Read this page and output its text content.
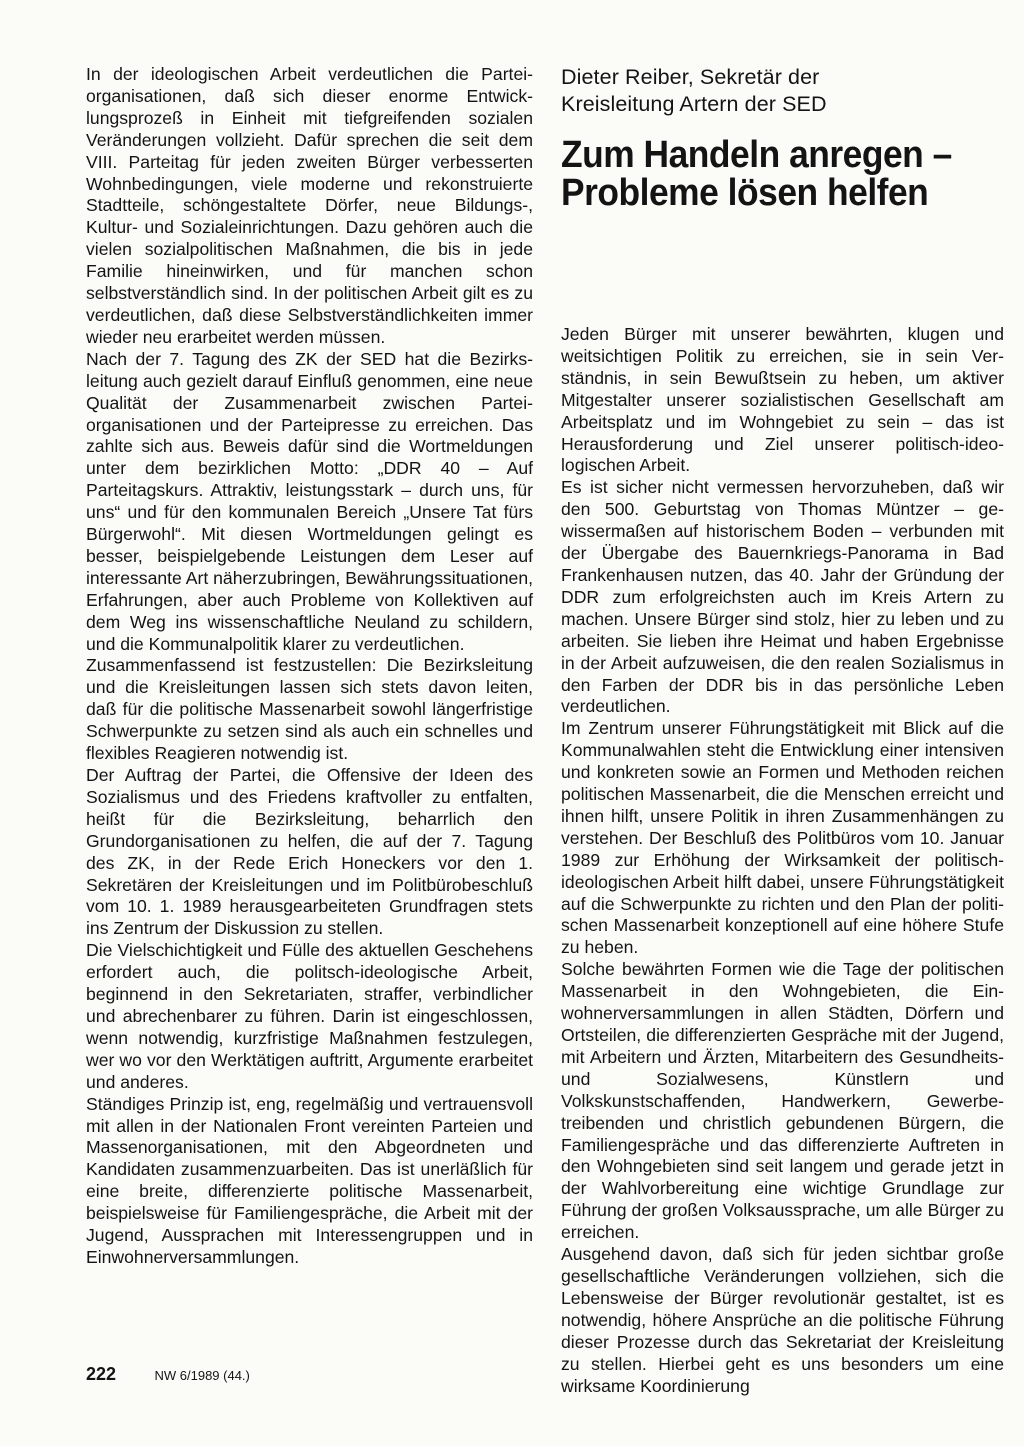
In der ideologischen Arbeit verdeutlichen die Parteiorganisationen, daß sich dieser enorme Entwicklungsprozeß in Einheit mit tiefgreifenden sozialen Veränderungen vollzieht. Dafür sprechen die seit dem VIII. Parteitag für jeden zweiten Bürger verbesserten Wohnbedingungen, viele moderne und rekonstruierte Stadtteile, schöngestaltete Dörfer, neue Bildungs-, Kultur- und Sozialeinrichtungen. Dazu gehören auch die vielen sozialpolitischen Maßnahmen, die bis in jede Familie hineinwirken, und für manchen schon selbstverständlich sind. In der politischen Arbeit gilt es zu verdeutlichen, daß diese Selbstverständlichkeiten immer wieder neu erarbeitet werden müssen.

Nach der 7. Tagung des ZK der SED hat die Bezirksleitung auch gezielt darauf Einfluß genommen, eine neue Qualität der Zusammenarbeit zwischen Parteiorganisationen und der Parteipresse zu erreichen. Das zahlte sich aus. Beweis dafür sind die Wortmeldungen unter dem bezirklichen Motto: „DDR 40 – Auf Parteitagskurs. Attraktiv, leistungsstark – durch uns, für uns“ und für den kommunalen Bereich „Unsere Tat fürs Bürgerwohl“. Mit diesen Wortmeldungen gelingt es besser, beispielgebende Leistungen dem Leser auf interessante Art näherzubringen, Bewährungssituationen, Erfahrungen, aber auch Probleme von Kollektiven auf dem Weg ins wissenschaftliche Neuland zu schildern, und die Kommunalpolitik klarer zu verdeutlichen.

Zusammenfassend ist festzustellen: Die Bezirksleitung und die Kreisleitungen lassen sich stets davon leiten, daß für die politische Massenarbeit sowohl längerfristige Schwerpunkte zu setzen sind als auch ein schnelles und flexibles Reagieren notwendig ist.

Der Auftrag der Partei, die Offensive der Ideen des Sozialismus und des Friedens kraftvoller zu entfalten, heißt für die Bezirksleitung, beharrlich den Grundorganisationen zu helfen, die auf der 7. Tagung des ZK, in der Rede Erich Honeckers vor den 1. Sekretären der Kreisleitungen und im Politbürobeschluß vom 10. 1. 1989 herausgearbeiteten Grundfragen stets ins Zentrum der Diskussion zu stellen.

Die Vielschichtigkeit und Fülle des aktuellen Geschehens erfordert auch, die politsch-ideologische Arbeit, beginnend in den Sekretariaten, straffer, verbindlicher und abrechenbarer zu führen. Darin ist eingeschlossen, wenn notwendig, kurzfristige Maßnahmen festzulegen, wer wo vor den Werktätigen auftritt, Argumente erarbeitet und anderes.

Ständiges Prinzip ist, eng, regelmäßig und vertrauensvoll mit allen in der Nationalen Front vereinten Parteien und Massenorganisationen, mit den Abgeordneten und Kandidaten zusammenzuarbeiten. Das ist unerläßlich für eine breite, differenzierte politische Massenarbeit, beispielsweise für Familiengespräche, die Arbeit mit der Jugend, Aussprachen mit Interessengruppen und in Einwohnerversammlungen.

Dieter Reiber, Sekretär der
Kreisleitung Artern der SED
Zum Handeln anregen –
Probleme lösen helfen

Jeden Bürger mit unserer bewährten, klugen und weitsichtigen Politik zu erreichen, sie in sein Verständnis, in sein Bewußtsein zu heben, um aktiver Mitgestalter unserer sozialistischen Gesellschaft am Arbeitsplatz und im Wohngebiet zu sein – das ist Herausforderung und Ziel unserer politisch-ideologischen Arbeit.

Es ist sicher nicht vermessen hervorzuheben, daß wir den 500. Geburtstag von Thomas Müntzer – gewissermaßen auf historischem Boden – verbunden mit der Übergabe des Bauernkriegs-Panorama in Bad Frankenhausen nutzen, das 40. Jahr der Gründung der DDR zum erfolgreichsten auch im Kreis Artern zu machen. Unsere Bürger sind stolz, hier zu leben und zu arbeiten. Sie lieben ihre Heimat und haben Ergebnisse in der Arbeit aufzuweisen, die den realen Sozialismus in den Farben der DDR bis in das persönliche Leben verdeutlichen.

Im Zentrum unserer Führungstätigkeit mit Blick auf die Kommunalwahlen steht die Entwicklung einer intensiven und konkreten sowie an Formen und Methoden reichen politischen Massenarbeit, die die Menschen erreicht und ihnen hilft, unsere Politik in ihren Zusammenhängen zu verstehen. Der Beschluß des Politbüros vom 10. Januar 1989 zur Erhöhung der Wirksamkeit der politisch-ideologischen Arbeit hilft dabei, unsere Führungstätigkeit auf die Schwerpunkte zu richten und den Plan der politischen Massenarbeit konzeptionell auf eine höhere Stufe zu heben.

Solche bewährten Formen wie die Tage der politischen Massenarbeit in den Wohngebieten, die Einwohnerversammlungen in allen Städten, Dörfern und Ortsteilen, die differenzierten Gespräche mit der Jugend, mit Arbeitern und Ärzten, Mitarbeitern des Gesundheits- und Sozialwesens, Künstlern und Volkskunstschaffenden, Handwerkern, Gewerbetreibenden und christlich gebundenen Bürgern, die Familiengespräche und das differenzierte Auftreten in den Wohngebieten sind seit langem und gerade jetzt in der Wahlvorbereitung eine wichtige Grundlage zur Führung der großen Volksaussprache, um alle Bürger zu erreichen.

Ausgehend davon, daß sich für jeden sichtbar große gesellschaftliche Veränderungen vollziehen, sich die Lebensweise der Bürger revolutionär gestaltet, ist es notwendig, höhere Ansprüche an die politische Führung dieser Prozesse durch das Sekretariat der Kreisleitung zu stellen. Hierbei geht es uns besonders um eine wirksame Koordinierung

222	NW 6/1989 (44.)
